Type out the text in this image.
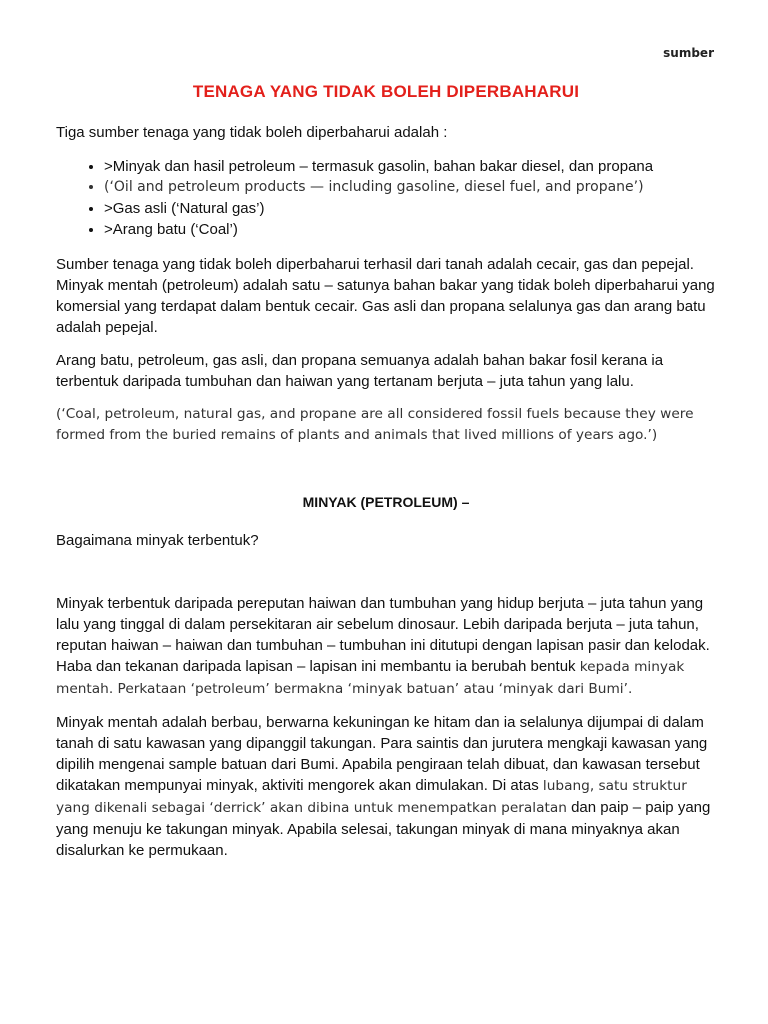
sumber
TENAGA YANG TIDAK BOLEH DIPERBAHARUI

Tiga sumber tenaga yang tidak boleh diperbaharui adalah :

• >Minyak dan hasil petroleum – termasuk gasolin, bahan bakar diesel, dan propana
• (‘Oil and petroleum products — including gasoline, diesel fuel, and propane’)
• >Gas asli (‘Natural gas’)
• >Arang batu (‘Coal’)

Sumber tenaga yang tidak boleh diperbaharui terhasil dari tanah adalah cecair, gas dan pepejal. Minyak mentah (petroleum) adalah satu – satunya bahan bakar yang tidak boleh diperbaharui yang komersial yang terdapat dalam bentuk cecair. Gas asli dan propana selalunya gas dan arang batu adalah pepejal.

Arang batu, petroleum, gas asli, dan propana semuanya adalah bahan bakar fosil kerana ia terbentuk daripada tumbuhan dan haiwan yang tertanam berjuta – juta tahun yang lalu.

(‘Coal, petroleum, natural gas, and propane are all considered fossil fuels because they were formed from the buried remains of plants and animals that lived millions of years ago.’)

MINYAK (PETROLEUM) –

Bagaimana minyak terbentuk?

Minyak terbentuk daripada pereputan haiwan dan tumbuhan yang hidup berjuta – juta tahun yang lalu yang tinggal di dalam persekitaran air sebelum dinosaur. Lebih daripada berjuta – juta tahun, reputan haiwan – haiwan dan tumbuhan – tumbuhan ini ditutupi dengan lapisan pasir dan kelodak. Haba dan tekanan daripada lapisan – lapisan ini membantu ia berubah bentuk kepada minyak mentah. Perkataan ‘petroleum’ bermakna ‘minyak batuan’ atau ‘minyak dari Bumi’.

Minyak mentah adalah berbau, berwarna kekuningan ke hitam dan ia selalunya dijumpai di dalam tanah di satu kawasan yang dipanggil takungan. Para saintis dan jurutera mengkaji kawasan yang dipilih mengenai sample batuan dari Bumi. Apabila pengiraan telah dibuat, dan kawasan tersebut dikatakan mempunyai minyak, aktiviti mengorek akan dimulakan. Di atas lubang, satu struktur yang dikenali sebagai ‘derrick’ akan dibina untuk menempatkan peralatan dan paip – paip yang yang menuju ke takungan minyak. Apabila selesai, takungan minyak di mana minyaknya akan disalurkan ke permukaan.
